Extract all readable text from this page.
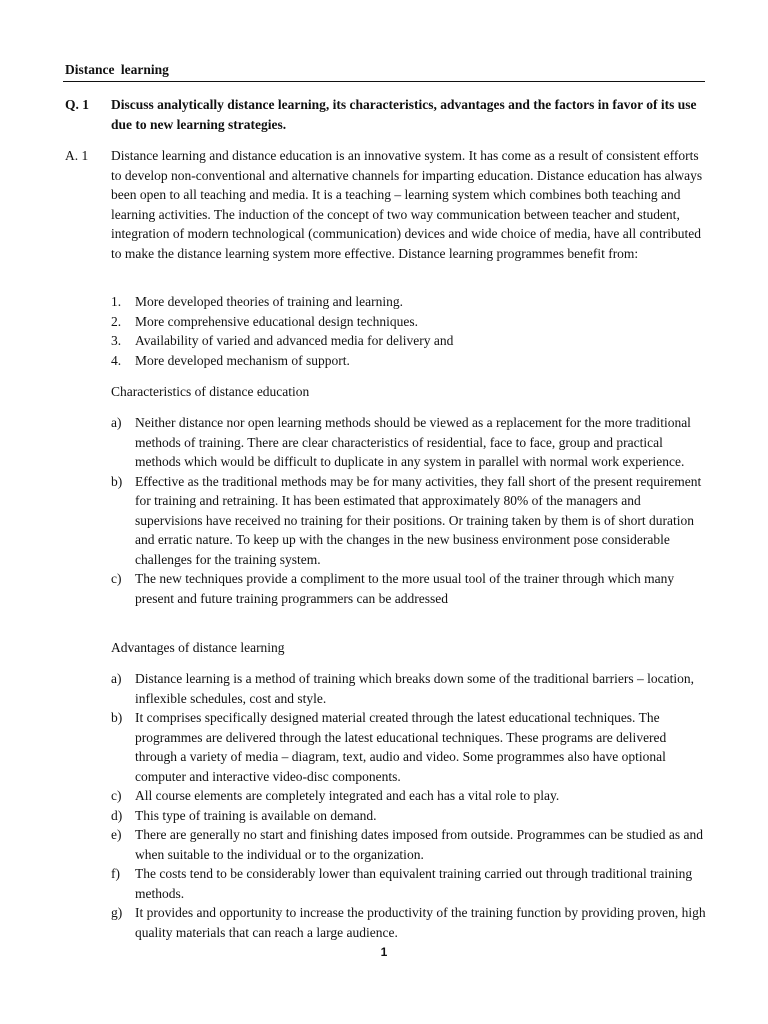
Distance learning
Q. 1 Discuss analytically distance learning, its characteristics, advantages and the factors in favor of its use due to new learning strategies.
A. 1 Distance learning and distance education is an innovative system. It has come as a result of consistent efforts to develop non-conventional and alternative channels for imparting education. Distance education has always been open to all teaching and media. It is a teaching – learning system which combines both teaching and learning activities. The induction of the concept of two way communication between teacher and student, integration of modern technological (communication) devices and wide choice of media, have all contributed to make the distance learning system more effective. Distance learning programmes benefit from:
1. More developed theories of training and learning.
2. More comprehensive educational design techniques.
3. Availability of varied and advanced media for delivery and
4. More developed mechanism of support.
Characteristics of distance education
a) Neither distance nor open learning methods should be viewed as a replacement for the more traditional methods of training. There are clear characteristics of residential, face to face, group and practical methods which would be difficult to duplicate in any system in parallel with normal work experience.
b) Effective as the traditional methods may be for many activities, they fall short of the present requirement for training and retraining. It has been estimated that approximately 80% of the managers and supervisions have received no training for their positions. Or training taken by them is of short duration and erratic nature. To keep up with the changes in the new business environment pose considerable challenges for the training system.
c) The new techniques provide a compliment to the more usual tool of the trainer through which many present and future training programmers can be addressed
Advantages of distance learning
a) Distance learning is a method of training which breaks down some of the traditional barriers – location, inflexible schedules, cost and style.
b) It comprises specifically designed material created through the latest educational techniques. The programmes are delivered through the latest educational techniques. These programs are delivered through a variety of media – diagram, text, audio and video. Some programmes also have optional computer and interactive video-disc components.
c) All course elements are completely integrated and each has a vital role to play.
d) This type of training is available on demand.
e) There are generally no start and finishing dates imposed from outside. Programmes can be studied as and when suitable to the individual or to the organization.
f) The costs tend to be considerably lower than equivalent training carried out through traditional training methods.
g) It provides and opportunity to increase the productivity of the training function by providing proven, high quality materials that can reach a large audience.
1
